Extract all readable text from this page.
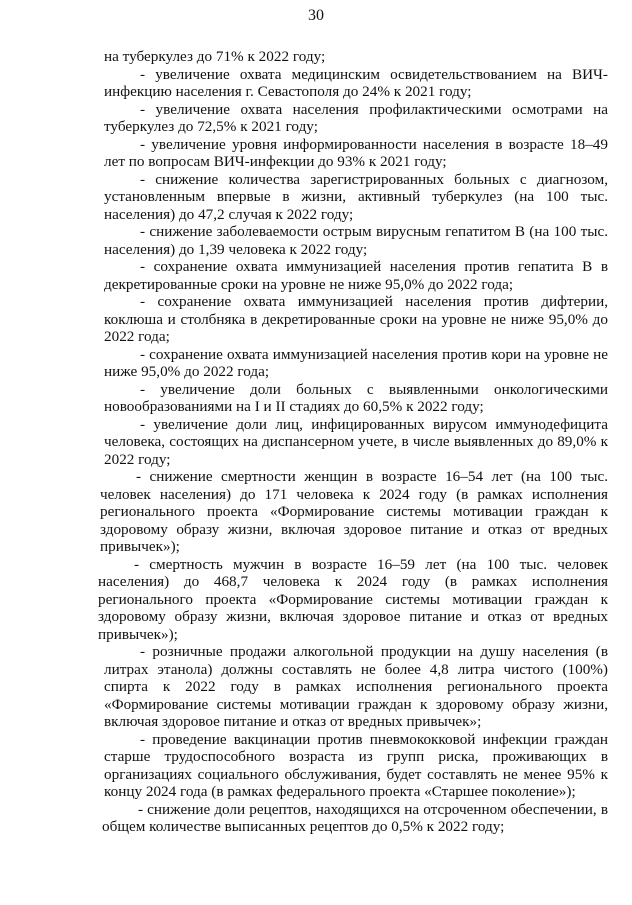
30

на туберкулез до 71% к 2022 году;

- увеличение охвата медицинским освидетельствованием на ВИЧ-инфекцию населения г. Севастополя до 24% к 2021 году;

- увеличение охвата населения профилактическими осмотрами на туберкулез до 72,5% к 2021 году;

- увеличение уровня информированности населения в возрасте 18–49 лет по вопросам ВИЧ-инфекции до 93% к 2021 году;

- снижение количества зарегистрированных больных с диагнозом, установленным впервые в жизни, активный туберкулез (на 100 тыс. населения) до 47,2 случая к 2022 году;

- снижение заболеваемости острым вирусным гепатитом В (на 100 тыс. населения) до 1,39 человека к 2022 году;

- сохранение охвата иммунизацией населения против гепатита В в декретированные сроки на уровне не ниже 95,0% до 2022 года;

- сохранение охвата иммунизацией населения против дифтерии, коклюша и столбняка в декретированные сроки на уровне не ниже 95,0% до 2022 года;

- сохранение охвата иммунизацией населения против кори на уровне не ниже 95,0% до 2022 года;

- увеличение доли больных с выявленными онкологическими новообразованиями на I и II стадиях до 60,5% к 2022 году;

- увеличение доли лиц, инфицированных вирусом иммунодефицита человека, состоящих на диспансерном учете, в числе выявленных до 89,0% к 2022 году;

- снижение смертности женщин в возрасте 16–54 лет (на 100 тыс. человек населения) до 171 человека к 2024 году (в рамках исполнения регионального проекта «Формирование системы мотивации граждан к здоровому образу жизни, включая здоровое питание и отказ от вредных привычек»);

- смертность мужчин в возрасте 16–59 лет (на 100 тыс. человек населения) до 468,7 человека к 2024 году (в рамках исполнения регионального проекта «Формирование системы мотивации граждан к здоровому образу жизни, включая здоровое питание и отказ от вредных привычек»);

- розничные продажи алкогольной продукции на душу населения (в литрах этанола) должны составлять не более 4,8 литра чистого (100%) спирта к 2022 году в рамках исполнения регионального проекта «Формирование системы мотивации граждан к здоровому образу жизни, включая здоровое питание и отказ от вредных привычек»;

- проведение вакцинации против пневмококковой инфекции граждан старше трудоспособного возраста из групп риска, проживающих в организациях социального обслуживания, будет составлять не менее 95% к концу 2024 года (в рамках федерального проекта «Старшее поколение»);

- снижение доли рецептов, находящихся на отсроченном обеспечении, в общем количестве выписанных рецептов до 0,5% к 2022 году;
